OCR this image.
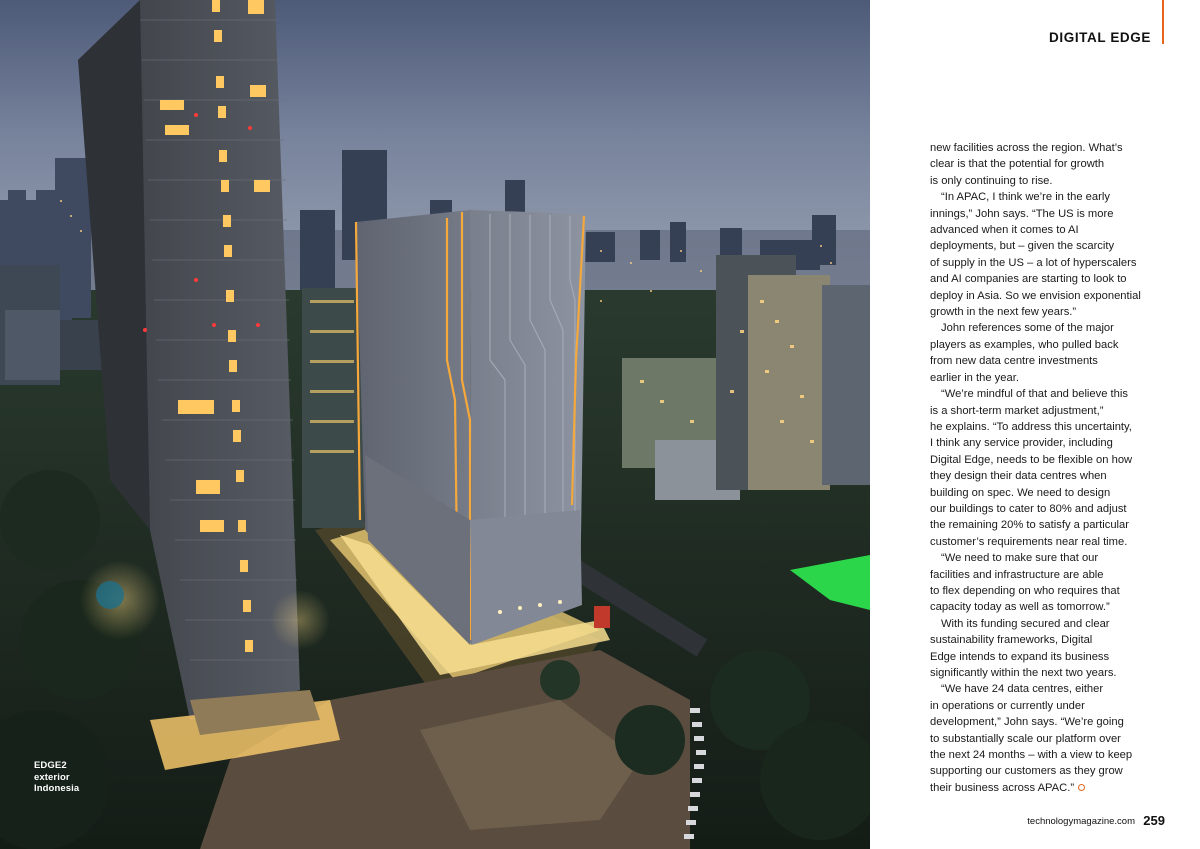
EDGE2
exterior
Indonesia
DIGITAL EDGE

new facilities across the region. What’s
clear is that the potential for growth
is only continuing to rise.

“In APAC, I think we’re in the early
innings,” John says. “The US is more
advanced when it comes to AI
deployments, but – given the scarcity
of supply in the US – a lot of hyperscalers
and AI companies are starting to look to
deploy in Asia. So we envision exponential
growth in the next few years.”

John references some of the major
players as examples, who pulled back
from new data centre investments
earlier in the year.

“We’re mindful of that and believe this
is a short-term market adjustment,”
he explains. “To address this uncertainty,
I think any service provider, including
Digital Edge, needs to be flexible on how
they design their data centres when
building on spec. We need to design
our buildings to cater to 80% and adjust
the remaining 20% to satisfy a particular
customer’s requirements near real time.

“We need to make sure that our
facilities and infrastructure are able
to flex depending on who requires that
capacity today as well as tomorrow.”

With its funding secured and clear
sustainability frameworks, Digital
Edge intends to expand its business
significantly within the next two years.

“We have 24 data centres, either
in operations or currently under
development,” John says. “We’re going
to substantially scale our platform over
the next 24 months – with a view to keep
supporting our customers as they grow
their business across APAC.”

technologymagazine.com 259
